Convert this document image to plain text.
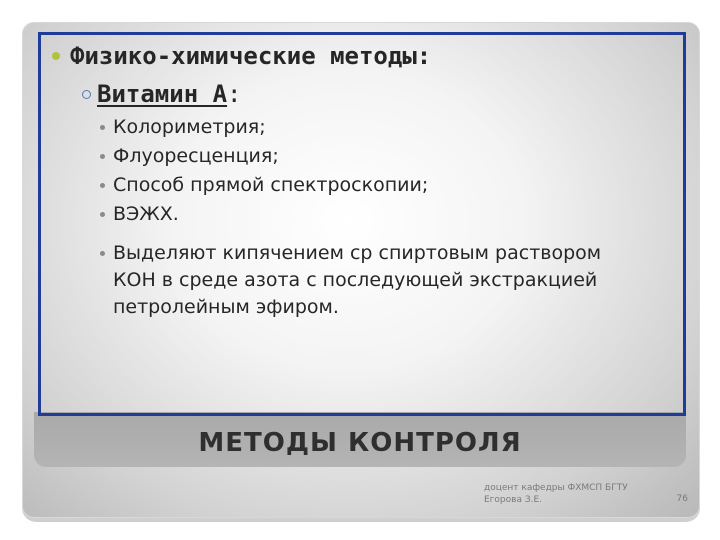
Физико-химические методы:
Витамин А:
Колориметрия;
Флуоресценция;
Способ прямой спектроскопии;
ВЭЖХ.
Выделяют кипячением ср спиртовым раствором КОН в среде азота с последующей экстракцией петролейным эфиром.
МЕТОДЫ КОНТРОЛЯ
доцент кафедры ФХМСП БГТУ
Егорова З.Е.	76
